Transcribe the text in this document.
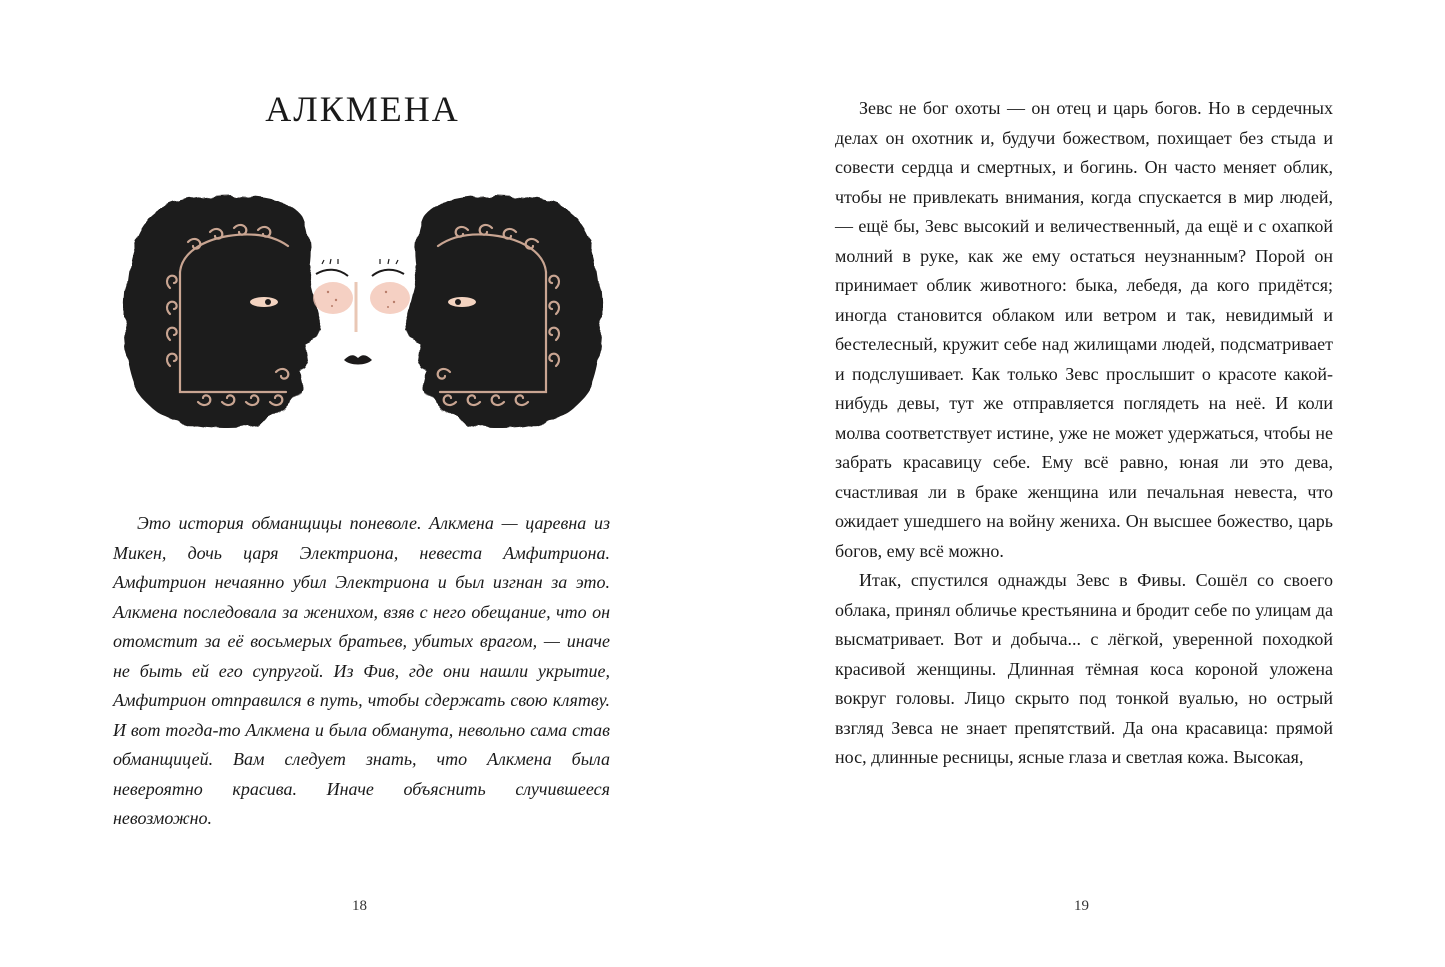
АЛКМЕНА

Это история обманщицы поневоле. Алкмена — царевна из Микен, дочь царя Электриона, невеста Амфитриона. Амфитрион нечаянно убил Электриона и был изгнан за это. Алкмена последовала за женихом, взяв с него обещание, что он отомстит за её восьмерых братьев, убитых врагом, — иначе не быть ей его супругой. Из Фив, где они нашли укрытие, Амфитрион отправился в путь, чтобы сдержать свою клятву. И вот тогда-то Алкмена и была обманута, невольно сама став обманщицей. Вам следует знать, что Алкмена была невероятно красива. Иначе объяснить случившееся невозможно.

18

Зевс не бог охоты — он отец и царь богов. Но в сердечных делах он охотник и, будучи божеством, похищает без стыда и совести сердца и смертных, и богинь. Он часто меняет облик, чтобы не привлекать внимания, когда спускается в мир людей, — ещё бы, Зевс высокий и величественный, да ещё и с охапкой молний в руке, как же ему остаться неузнанным? Порой он принимает облик животного: быка, лебедя, да кого придётся; иногда становится облаком или ветром и так, невидимый и бестелесный, кружит себе над жилищами людей, подсматривает и подслушивает. Как только Зевс прослышит о красоте какой-нибудь девы, тут же отправляется поглядеть на неё. И коли молва соответствует истине, уже не может удержаться, чтобы не забрать красавицу себе. Ему всё равно, юная ли это дева, счастливая ли в браке женщина или печальная невеста, что ожидает ушедшего на войну жениха. Он высшее божество, царь богов, ему всё можно.

Итак, спустился однажды Зевс в Фивы. Сошёл со своего облака, принял обличье крестьянина и бродит себе по улицам да высматривает. Вот и добыча... с лёгкой, уверенной походкой красивой женщины. Длинная тёмная коса короной уложена вокруг головы. Лицо скрыто под тонкой вуалью, но острый взгляд Зевса не знает препятствий. Да она красавица: прямой нос, длинные ресницы, ясные глаза и светлая кожа. Высокая,

19
